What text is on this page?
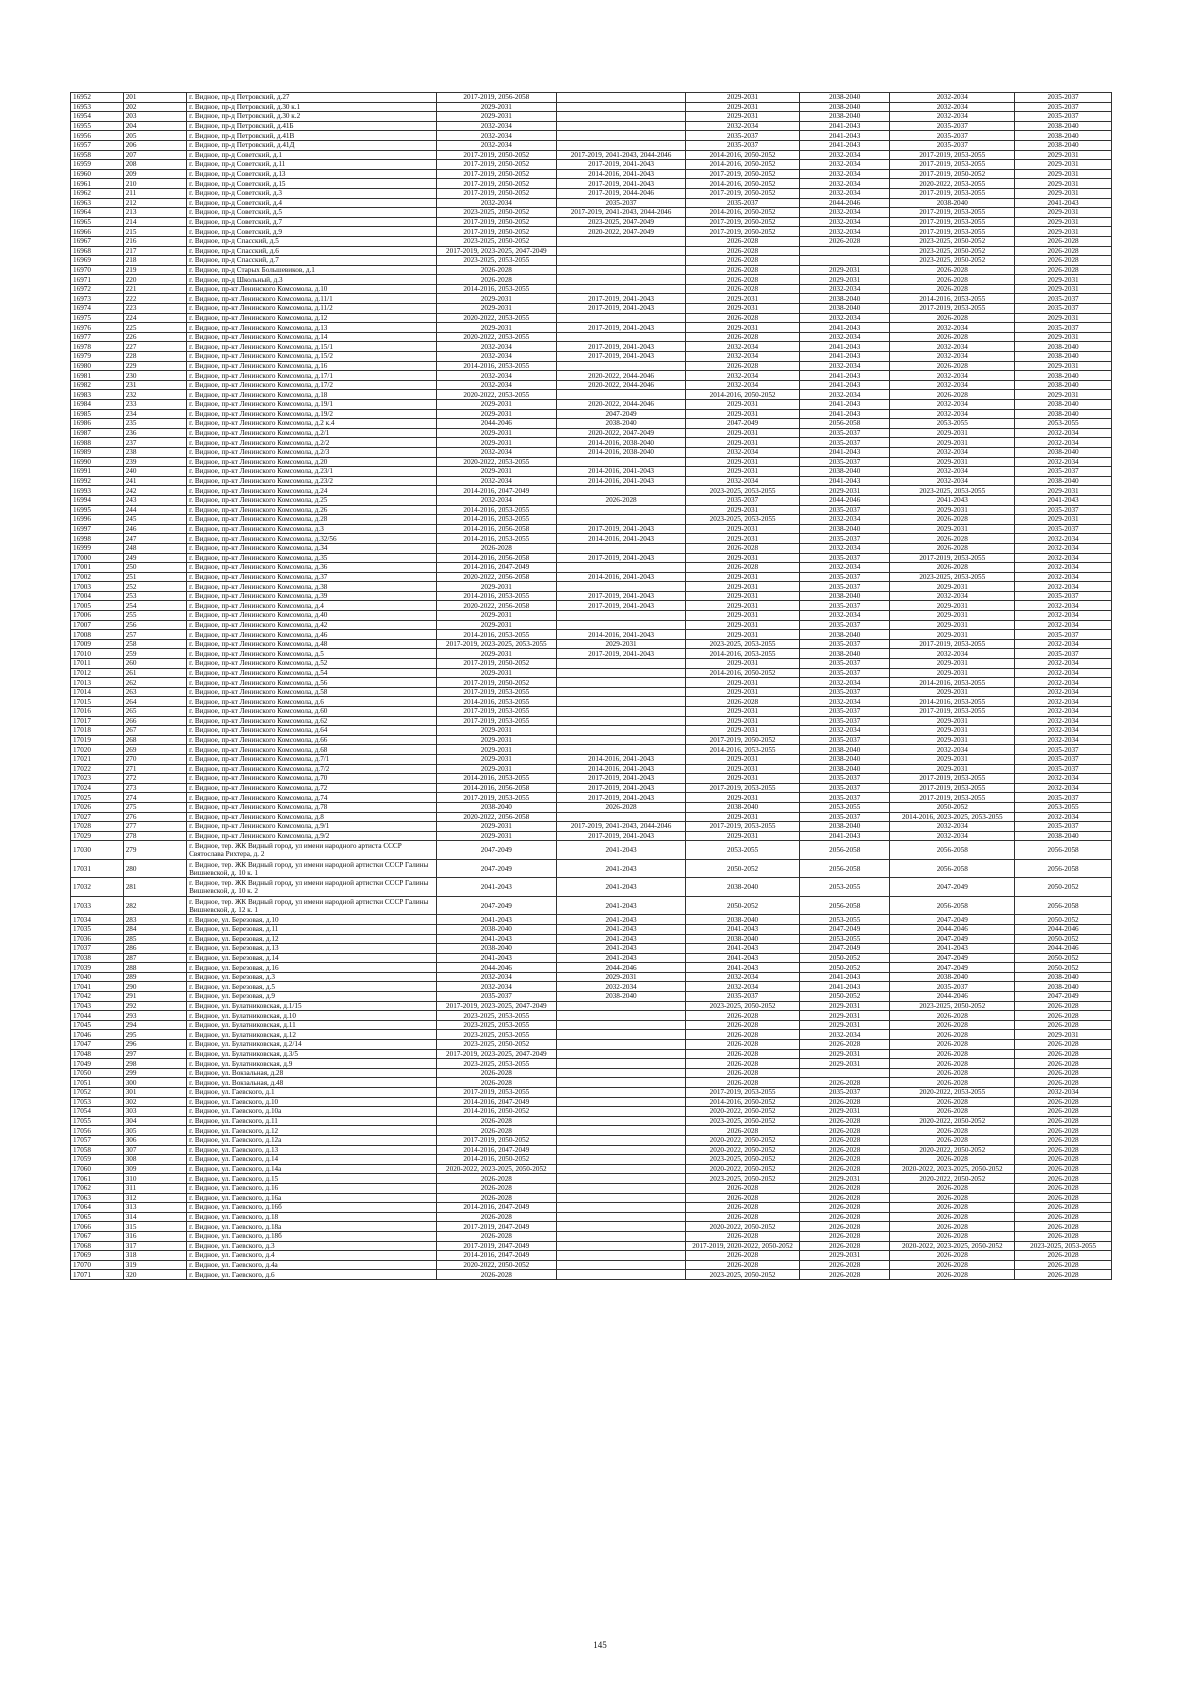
16952	201	г. Видное, пр-д Петровский, д.27	2017-2019, 2056-2058		2029-2031	2038-2040	2032-2034	2035-2037
16953	202	г. Видное, пр-д Петровский, д.30 к.1	2029-2031		2029-2031	2038-2040	2032-2034	2035-2037
16954	203	г. Видное, пр-д Петровский, д.30 к.2	2029-2031		2029-2031	2038-2040	2032-2034	2035-2037
16955	204	г. Видное, пр-д Петровский, д.41Б	2032-2034		2032-2034	2041-2043	2035-2037	2038-2040
16956	205	г. Видное, пр-д Петровский, д.41В	2032-2034		2035-2037	2041-2043	2035-2037	2038-2040
16957	206	г. Видное, пр-д Петровский, д.41Д	2032-2034		2035-2037	2041-2043	2035-2037	2038-2040
16958	207	г. Видное, пр-д Советский, д.1	2017-2019, 2050-2052	2017-2019, 2041-2043, 2044-2046	2014-2016, 2050-2052	2032-2034	2017-2019, 2053-2055	2029-2031
16959	208	г. Видное, пр-д Советский, д.11	2017-2019, 2050-2052	2017-2019, 2041-2043	2014-2016, 2050-2052	2032-2034	2017-2019, 2053-2055	2029-2031
16960	209	г. Видное, пр-д Советский, д.13	2017-2019, 2050-2052	2014-2016, 2041-2043	2017-2019, 2050-2052	2032-2034	2017-2019, 2050-2052	2029-2031
16961	210	г. Видное, пр-д Советский, д.15	2017-2019, 2050-2052	2017-2019, 2041-2043	2014-2016, 2050-2052	2032-2034	2020-2022, 2053-2055	2029-2031
16962	211	г. Видное, пр-д Советский, д.3	2017-2019, 2050-2052	2017-2019, 2044-2046	2017-2019, 2050-2052	2032-2034	2017-2019, 2053-2055	2029-2031
16963	212	г. Видное, пр-д Советский, д.4	2032-2034	2035-2037	2035-2037	2044-2046	2038-2040	2041-2043
16964	213	г. Видное, пр-д Советский, д.5	2023-2025, 2050-2052	2017-2019, 2041-2043, 2044-2046	2014-2016, 2050-2052	2032-2034	2017-2019, 2053-2055	2029-2031
16965	214	г. Видное, пр-д Советский, д.7	2017-2019, 2050-2052	2023-2025, 2047-2049	2017-2019, 2050-2052	2032-2034	2017-2019, 2053-2055	2029-2031
16966	215	г. Видное, пр-д Советский, д.9	2017-2019, 2050-2052	2020-2022, 2047-2049	2017-2019, 2050-2052	2032-2034	2017-2019, 2053-2055	2029-2031
16967	216	г. Видное, пр-д Спасский, д.5	2023-2025, 2050-2052		2026-2028	2026-2028	2023-2025, 2050-2052	2026-2028
16968	217	г. Видное, пр-д Спасский, д.6	2017-2019, 2023-2025, 2047-2049		2026-2028		2023-2025, 2050-2052	2026-2028
16969	218	г. Видное, пр-д Спасский, д.7	2023-2025, 2053-2055		2026-2028		2023-2025, 2050-2052	2026-2028
16970	219	г. Видное, пр-д Старых Большевиков, д.1	2026-2028		2026-2028	2029-2031	2026-2028	2026-2028
16971	220	г. Видное, пр-д Школьный, д.3	2026-2028		2026-2028	2029-2031	2026-2028	2029-2031
16972	221	г. Видное, пр-кт Ленинского Комсомола, д.10	2014-2016, 2053-2055		2026-2028	2032-2034	2026-2028	2029-2031
16973	222	г. Видное, пр-кт Ленинского Комсомола, д.11/1	2029-2031	2017-2019, 2041-2043	2029-2031	2038-2040	2014-2016, 2053-2055	2035-2037
16974	223	г. Видное, пр-кт Ленинского Комсомола, д.11/2	2029-2031	2017-2019, 2041-2043	2029-2031	2038-2040	2017-2019, 2053-2055	2035-2037
16975	224	г. Видное, пр-кт Ленинского Комсомола, д.12	2020-2022, 2053-2055		2026-2028	2032-2034	2026-2028	2029-2031
16976	225	г. Видное, пр-кт Ленинского Комсомола, д.13	2029-2031	2017-2019, 2041-2043	2029-2031	2041-2043	2032-2034	2035-2037
16977	226	г. Видное, пр-кт Ленинского Комсомола, д.14	2020-2022, 2053-2055		2026-2028	2032-2034	2026-2028	2029-2031
16978	227	г. Видное, пр-кт Ленинского Комсомола, д.15/1	2032-2034	2017-2019, 2041-2043	2032-2034	2041-2043	2032-2034	2038-2040
16979	228	г. Видное, пр-кт Ленинского Комсомола, д.15/2	2032-2034	2017-2019, 2041-2043	2032-2034	2041-2043	2032-2034	2038-2040
16980	229	г. Видное, пр-кт Ленинского Комсомола, д.16	2014-2016, 2053-2055		2026-2028	2032-2034	2026-2028	2029-2031
16981	230	г. Видное, пр-кт Ленинского Комсомола, д.17/1	2032-2034	2020-2022, 2044-2046	2032-2034	2041-2043	2032-2034	2038-2040
16982	231	г. Видное, пр-кт Ленинского Комсомола, д.17/2	2032-2034	2020-2022, 2044-2046	2032-2034	2041-2043	2032-2034	2038-2040
16983	232	г. Видное, пр-кт Ленинского Комсомола, д.18	2020-2022, 2053-2055		2014-2016, 2050-2052	2032-2034	2026-2028	2029-2031
16984	233	г. Видное, пр-кт Ленинского Комсомола, д.19/1	2029-2031	2020-2022, 2044-2046	2029-2031	2041-2043	2032-2034	2038-2040
16985	234	г. Видное, пр-кт Ленинского Комсомола, д.19/2	2029-2031	2047-2049	2029-2031	2041-2043	2032-2034	2038-2040
16986	235	г. Видное, пр-кт Ленинского Комсомола, д.2 к.4	2044-2046	2038-2040	2047-2049	2056-2058	2053-2055	2053-2055
16987	236	г. Видное, пр-кт Ленинского Комсомола, д.2/1	2029-2031	2020-2022, 2047-2049	2029-2031	2035-2037	2029-2031	2032-2034
16988	237	г. Видное, пр-кт Ленинского Комсомола, д.2/2	2029-2031	2014-2016, 2038-2040	2029-2031	2035-2037	2029-2031	2032-2034
16989	238	г. Видное, пр-кт Ленинского Комсомола, д.2/3	2032-2034	2014-2016, 2038-2040	2032-2034	2041-2043	2032-2034	2038-2040
16990	239	г. Видное, пр-кт Ленинского Комсомола, д.20	2020-2022, 2053-2055		2029-2031	2035-2037	2029-2031	2032-2034
16991	240	г. Видное, пр-кт Ленинского Комсомола, д.23/1	2029-2031	2014-2016, 2041-2043	2029-2031	2038-2040	2032-2034	2035-2037
16992	241	г. Видное, пр-кт Ленинского Комсомола, д.23/2	2032-2034	2014-2016, 2041-2043	2032-2034	2041-2043	2032-2034	2038-2040
16993	242	г. Видное, пр-кт Ленинского Комсомола, д.24	2014-2016, 2047-2049		2023-2025, 2053-2055	2029-2031	2023-2025, 2053-2055	2029-2031
16994	243	г. Видное, пр-кт Ленинского Комсомола, д.25	2032-2034	2026-2028	2035-2037	2044-2046	2041-2043	2041-2043
16995	244	г. Видное, пр-кт Ленинского Комсомола, д.26	2014-2016, 2053-2055		2029-2031	2035-2037	2029-2031	2035-2037
16996	245	г. Видное, пр-кт Ленинского Комсомола, д.28	2014-2016, 2053-2055		2023-2025, 2053-2055	2032-2034	2026-2028	2029-2031
16997	246	г. Видное, пр-кт Ленинского Комсомола, д.3	2014-2016, 2056-2058	2017-2019, 2041-2043	2029-2031	2038-2040	2029-2031	2035-2037
16998	247	г. Видное, пр-кт Ленинского Комсомола, д.32/56	2014-2016, 2053-2055	2014-2016, 2041-2043	2029-2031	2035-2037	2026-2028	2032-2034
16999	248	г. Видное, пр-кт Ленинского Комсомола, д.34	2026-2028		2026-2028	2032-2034	2026-2028	2032-2034
17000	249	г. Видное, пр-кт Ленинского Комсомола, д.35	2014-2016, 2056-2058	2017-2019, 2041-2043	2029-2031	2035-2037	2017-2019, 2053-2055	2032-2034
17001	250	г. Видное, пр-кт Ленинского Комсомола, д.36	2014-2016, 2047-2049		2026-2028	2032-2034	2026-2028	2032-2034
17002	251	г. Видное, пр-кт Ленинского Комсомола, д.37	2020-2022, 2056-2058	2014-2016, 2041-2043	2029-2031	2035-2037	2023-2025, 2053-2055	2032-2034
17003	252	г. Видное, пр-кт Ленинского Комсомола, д.38	2029-2031		2029-2031	2035-2037	2029-2031	2032-2034
17004	253	г. Видное, пр-кт Ленинского Комсомола, д.39	2014-2016, 2053-2055	2017-2019, 2041-2043	2029-2031	2038-2040	2032-2034	2035-2037
17005	254	г. Видное, пр-кт Ленинского Комсомола, д.4	2020-2022, 2056-2058	2017-2019, 2041-2043	2029-2031	2035-2037	2029-2031	2032-2034
17006	255	г. Видное, пр-кт Ленинского Комсомола, д.40	2029-2031		2029-2031	2032-2034	2029-2031	2032-2034
17007	256	г. Видное, пр-кт Ленинского Комсомола, д.42	2029-2031		2029-2031	2035-2037	2029-2031	2032-2034
17008	257	г. Видное, пр-кт Ленинского Комсомола, д.46	2014-2016, 2053-2055	2014-2016, 2041-2043	2029-2031	2038-2040	2029-2031	2035-2037
17009	258	г. Видное, пр-кт Ленинского Комсомола, д.48	2017-2019, 2023-2025, 2053-2055	2029-2031	2023-2025, 2053-2055	2035-2037	2017-2019, 2053-2055	2032-2034
17010	259	г. Видное, пр-кт Ленинского Комсомола, д.5	2029-2031	2017-2019, 2041-2043	2014-2016, 2053-2055	2038-2040	2032-2034	2035-2037
17011	260	г. Видное, пр-кт Ленинского Комсомола, д.52	2017-2019, 2050-2052		2029-2031	2035-2037	2029-2031	2032-2034
17012	261	г. Видное, пр-кт Ленинского Комсомола, д.54	2029-2031		2014-2016, 2050-2052	2035-2037	2029-2031	2032-2034
17013	262	г. Видное, пр-кт Ленинского Комсомола, д.56	2017-2019, 2050-2052		2029-2031	2032-2034	2014-2016, 2053-2055	2032-2034
17014	263	г. Видное, пр-кт Ленинского Комсомола, д.58	2017-2019, 2053-2055		2029-2031	2035-2037	2029-2031	2032-2034
17015	264	г. Видное, пр-кт Ленинского Комсомола, д.6	2014-2016, 2053-2055		2026-2028	2032-2034	2014-2016, 2053-2055	2032-2034
17016	265	г. Видное, пр-кт Ленинского Комсомола, д.60	2017-2019, 2053-2055		2029-2031	2035-2037	2017-2019, 2053-2055	2032-2034
17017	266	г. Видное, пр-кт Ленинского Комсомола, д.62	2017-2019, 2053-2055		2029-2031	2035-2037	2029-2031	2032-2034
17018	267	г. Видное, пр-кт Ленинского Комсомола, д.64	2029-2031		2029-2031	2032-2034	2029-2031	2032-2034
17019	268	г. Видное, пр-кт Ленинского Комсомола, д.66	2029-2031		2017-2019, 2050-2052	2035-2037	2029-2031	2032-2034
17020	269	г. Видное, пр-кт Ленинского Комсомола, д.68	2029-2031		2014-2016, 2053-2055	2038-2040	2032-2034	2035-2037
17021	270	г. Видное, пр-кт Ленинского Комсомола, д.7/1	2029-2031	2014-2016, 2041-2043	2029-2031	2038-2040	2029-2031	2035-2037
17022	271	г. Видное, пр-кт Ленинского Комсомола, д.7/2	2029-2031	2014-2016, 2041-2043	2029-2031	2038-2040	2029-2031	2035-2037
17023	272	г. Видное, пр-кт Ленинского Комсомола, д.70	2014-2016, 2053-2055	2017-2019, 2041-2043	2029-2031	2035-2037	2017-2019, 2053-2055	2032-2034
17024	273	г. Видное, пр-кт Ленинского Комсомола, д.72	2014-2016, 2056-2058	2017-2019, 2041-2043	2017-2019, 2053-2055	2035-2037	2017-2019, 2053-2055	2032-2034
17025	274	г. Видное, пр-кт Ленинского Комсомола, д.74	2017-2019, 2053-2055	2017-2019, 2041-2043	2029-2031	2035-2037	2017-2019, 2053-2055	2035-2037
17026	275	г. Видное, пр-кт Ленинского Комсомола, д.78	2038-2040	2026-2028	2038-2040	2053-2055	2050-2052	2053-2055
17027	276	г. Видное, пр-кт Ленинского Комсомола, д.8	2020-2022, 2056-2058		2029-2031	2035-2037	2014-2016, 2023-2025, 2053-2055	2032-2034
17028	277	г. Видное, пр-кт Ленинского Комсомола, д.9/1	2029-2031	2017-2019, 2041-2043, 2044-2046	2017-2019, 2053-2055	2038-2040	2032-2034	2035-2037
17029	278	г. Видное, пр-кт Ленинского Комсомола, д.9/2	2029-2031	2017-2019, 2041-2043	2029-2031	2041-2043	2032-2034	2038-2040
17030	279	г. Видное, тер. ЖК Видный город, ул имени народного артиста СССР Святослава Рихтера, д. 2	2047-2049	2041-2043	2053-2055	2056-2058	2056-2058	2056-2058
17031	280	г. Видное, тер. ЖК Видный город, ул имени народной артистки СССР Галины Вишневской, д. 10 к. 1	2047-2049	2041-2043	2050-2052	2056-2058	2056-2058	2056-2058
17032	281	г. Видное, тер. ЖК Видный город, ул имени народной артистки СССР Галины Вишневской, д. 10 к. 2	2041-2043	2041-2043	2038-2040	2053-2055	2047-2049	2050-2052
17033	282	г. Видное, тер. ЖК Видный город, ул имени народной артистки СССР Галины Вишневской, д. 12 к. 1	2047-2049	2041-2043	2050-2052	2056-2058	2056-2058	2056-2058
17034	283	г. Видное, ул. Березовая, д.10	2041-2043	2041-2043	2038-2040	2053-2055	2047-2049	2050-2052
17035	284	г. Видное, ул. Березовая, д.11	2038-2040	2041-2043	2041-2043	2047-2049	2044-2046	2044-2046
17036	285	г. Видное, ул. Березовая, д.12	2041-2043	2041-2043	2038-2040	2053-2055	2047-2049	2050-2052
17037	286	г. Видное, ул. Березовая, д.13	2038-2040	2041-2043	2041-2043	2047-2049	2041-2043	2044-2046
17038	287	г. Видное, ул. Березовая, д.14	2041-2043	2041-2043	2041-2043	2050-2052	2047-2049	2050-2052
17039	288	г. Видное, ул. Березовая, д.16	2044-2046	2044-2046	2041-2043	2050-2052	2047-2049	2050-2052
17040	289	г. Видное, ул. Березовая, д.3	2032-2034	2029-2031	2032-2034	2041-2043	2038-2040	2038-2040
17041	290	г. Видное, ул. Березовая, д.5	2032-2034	2032-2034	2032-2034	2041-2043	2035-2037	2038-2040
17042	291	г. Видное, ул. Березовая, д.9	2035-2037	2038-2040	2035-2037	2050-2052	2044-2046	2047-2049
17043	292	г. Видное, ул. Булатниковская, д.1/15	2017-2019, 2023-2025, 2047-2049		2023-2025, 2050-2052	2029-2031	2023-2025, 2050-2052	2026-2028
17044	293	г. Видное, ул. Булатниковская, д.10	2023-2025, 2053-2055		2026-2028	2029-2031	2026-2028	2026-2028
17045	294	г. Видное, ул. Булатниковская, д.11	2023-2025, 2053-2055		2026-2028	2029-2031	2026-2028	2026-2028
17046	295	г. Видное, ул. Булатниковская, д.12	2023-2025, 2053-2055		2026-2028	2032-2034	2026-2028	2029-2031
17047	296	г. Видное, ул. Булатниковская, д.2/14	2023-2025, 2050-2052		2026-2028	2026-2028	2026-2028	2026-2028
17048	297	г. Видное, ул. Булатниковская, д.3/5	2017-2019, 2023-2025, 2047-2049		2026-2028	2029-2031	2026-2028	2026-2028
17049	298	г. Видное, ул. Булатниковская, д.9	2023-2025, 2053-2055		2026-2028	2029-2031	2026-2028	2026-2028
17050	299	г. Видное, ул. Вокзальная, д.28	2026-2028		2026-2028		2026-2028	2026-2028
17051	300	г. Видное, ул. Вокзальная, д.48	2026-2028		2026-2028	2026-2028	2026-2028	2026-2028
17052	301	г. Видное, ул. Гаевского, д.1	2017-2019, 2053-2055		2017-2019, 2053-2055	2035-2037	2020-2022, 2053-2055	2032-2034
17053	302	г. Видное, ул. Гаевского, д.10	2014-2016, 2047-2049		2014-2016, 2050-2052	2026-2028	2026-2028	2026-2028
17054	303	г. Видное, ул. Гаевского, д.10а	2014-2016, 2050-2052		2020-2022, 2050-2052	2029-2031	2026-2028	2026-2028
17055	304	г. Видное, ул. Гаевского, д.11	2026-2028		2023-2025, 2050-2052	2026-2028	2020-2022, 2050-2052	2026-2028
17056	305	г. Видное, ул. Гаевского, д.12	2026-2028		2026-2028	2026-2028	2026-2028	2026-2028
17057	306	г. Видное, ул. Гаевского, д.12а	2017-2019, 2050-2052		2020-2022, 2050-2052	2026-2028	2026-2028	2026-2028
17058	307	г. Видное, ул. Гаевского, д.13	2014-2016, 2047-2049		2020-2022, 2050-2052	2026-2028	2020-2022, 2050-2052	2026-2028
17059	308	г. Видное, ул. Гаевского, д.14	2014-2016, 2050-2052		2023-2025, 2050-2052	2026-2028	2026-2028	2026-2028
17060	309	г. Видное, ул. Гаевского, д.14а	2020-2022, 2023-2025, 2050-2052		2020-2022, 2050-2052	2026-2028	2020-2022, 2023-2025, 2050-2052	2026-2028
17061	310	г. Видное, ул. Гаевского, д.15	2026-2028		2023-2025, 2050-2052	2029-2031	2020-2022, 2050-2052	2026-2028
17062	311	г. Видное, ул. Гаевского, д.16	2026-2028		2026-2028	2026-2028	2026-2028	2026-2028
17063	312	г. Видное, ул. Гаевского, д.16а	2026-2028		2026-2028	2026-2028	2026-2028	2026-2028
17064	313	г. Видное, ул. Гаевского, д.16б	2014-2016, 2047-2049		2026-2028	2026-2028	2026-2028	2026-2028
17065	314	г. Видное, ул. Гаевского, д.18	2026-2028		2026-2028	2026-2028	2026-2028	2026-2028
17066	315	г. Видное, ул. Гаевского, д.18а	2017-2019, 2047-2049		2020-2022, 2050-2052	2026-2028	2026-2028	2026-2028
17067	316	г. Видное, ул. Гаевского, д.18б	2026-2028		2026-2028	2026-2028	2026-2028	2026-2028
17068	317	г. Видное, ул. Гаевского, д.3	2017-2019, 2047-2049		2017-2019, 2020-2022, 2050-2052	2026-2028	2020-2022, 2023-2025, 2050-2052	2023-2025, 2053-2055
17069	318	г. Видное, ул. Гаевского, д.4	2014-2016, 2047-2049		2026-2028	2029-2031	2026-2028	2026-2028
17070	319	г. Видное, ул. Гаевского, д.4а	2020-2022, 2050-2052		2026-2028	2026-2028	2026-2028	2026-2028
17071	320	г. Видное, ул. Гаевского, д.6	2026-2028		2023-2025, 2050-2052	2026-2028	2026-2028	2026-2028
145
